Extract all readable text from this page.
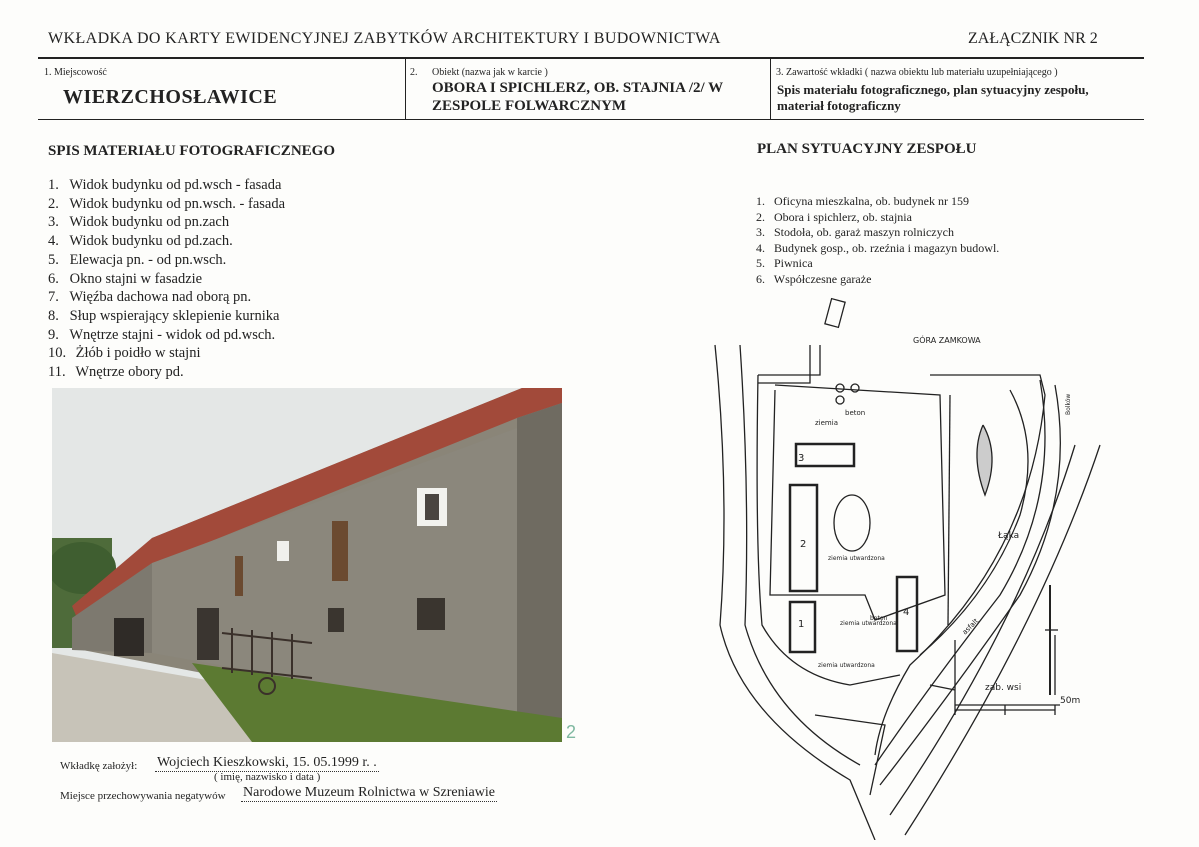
WKŁADKA DO KARTY EWIDENCYJNEJ ZABYTKÓW ARCHITEKTURY I BUDOWNICTWA	ZAŁĄCZNIK NR 2
1. Miejscowość
WIERZCHOSŁAWICE
2. Obiekt (nazwa jak w karcie )
OBORA I SPICHLERZ, OB. STAJNIA /2/ W ZESPOLE FOLWARCZNYM
3. Zawartość wkładki ( nazwa obiektu lub materiału uzupełniającego )
Spis materiału fotograficznego, plan sytuacyjny zespołu, materiał fotograficzny
SPIS MATERIAŁU FOTOGRAFICZNEGO
1. Widok budynku od pd.wsch - fasada
2. Widok budynku od pn.wsch. - fasada
3. Widok budynku od pn.zach
4. Widok budynku od pd.zach.
5. Elewacja pn. - od pn.wsch.
6. Okno stajni w fasadzie
7. Więźba dachowa nad oborą pn.
8. Słup wspierający sklepienie kurnika
9. Wnętrze stajni - widok od pd.wsch.
10. Żłób i poidło w stajni
11. Wnętrze obory pd.
2
Wkładkę założył: Wojciech Kieszkowski, 15. 05.1999 r. .
( imię, nazwisko i data )
Miejsce przechowywania negatywów Narodowe Muzeum Rolnictwa w Szreniawie
PLAN SYTUACYJNY ZESPOŁU
1. Oficyna mieszkalna, ob. budynek nr 159
2. Obora i spichlerz, ob. stajnia
3. Stodoła, ob. garaż maszyn rolniczych
4. Budynek gosp., ob. rzeźnia i magazyn budowl.
5. Piwnica
6. Współczesne garaże
GÓRA ZAMKOWA
Łąka
zab. wsi
50m
ziemia
beton
ziemia utwardzona
ziemia utwardzona
beton
ziemia utwardzona
asfalt
Bolków
3
2
1
4
